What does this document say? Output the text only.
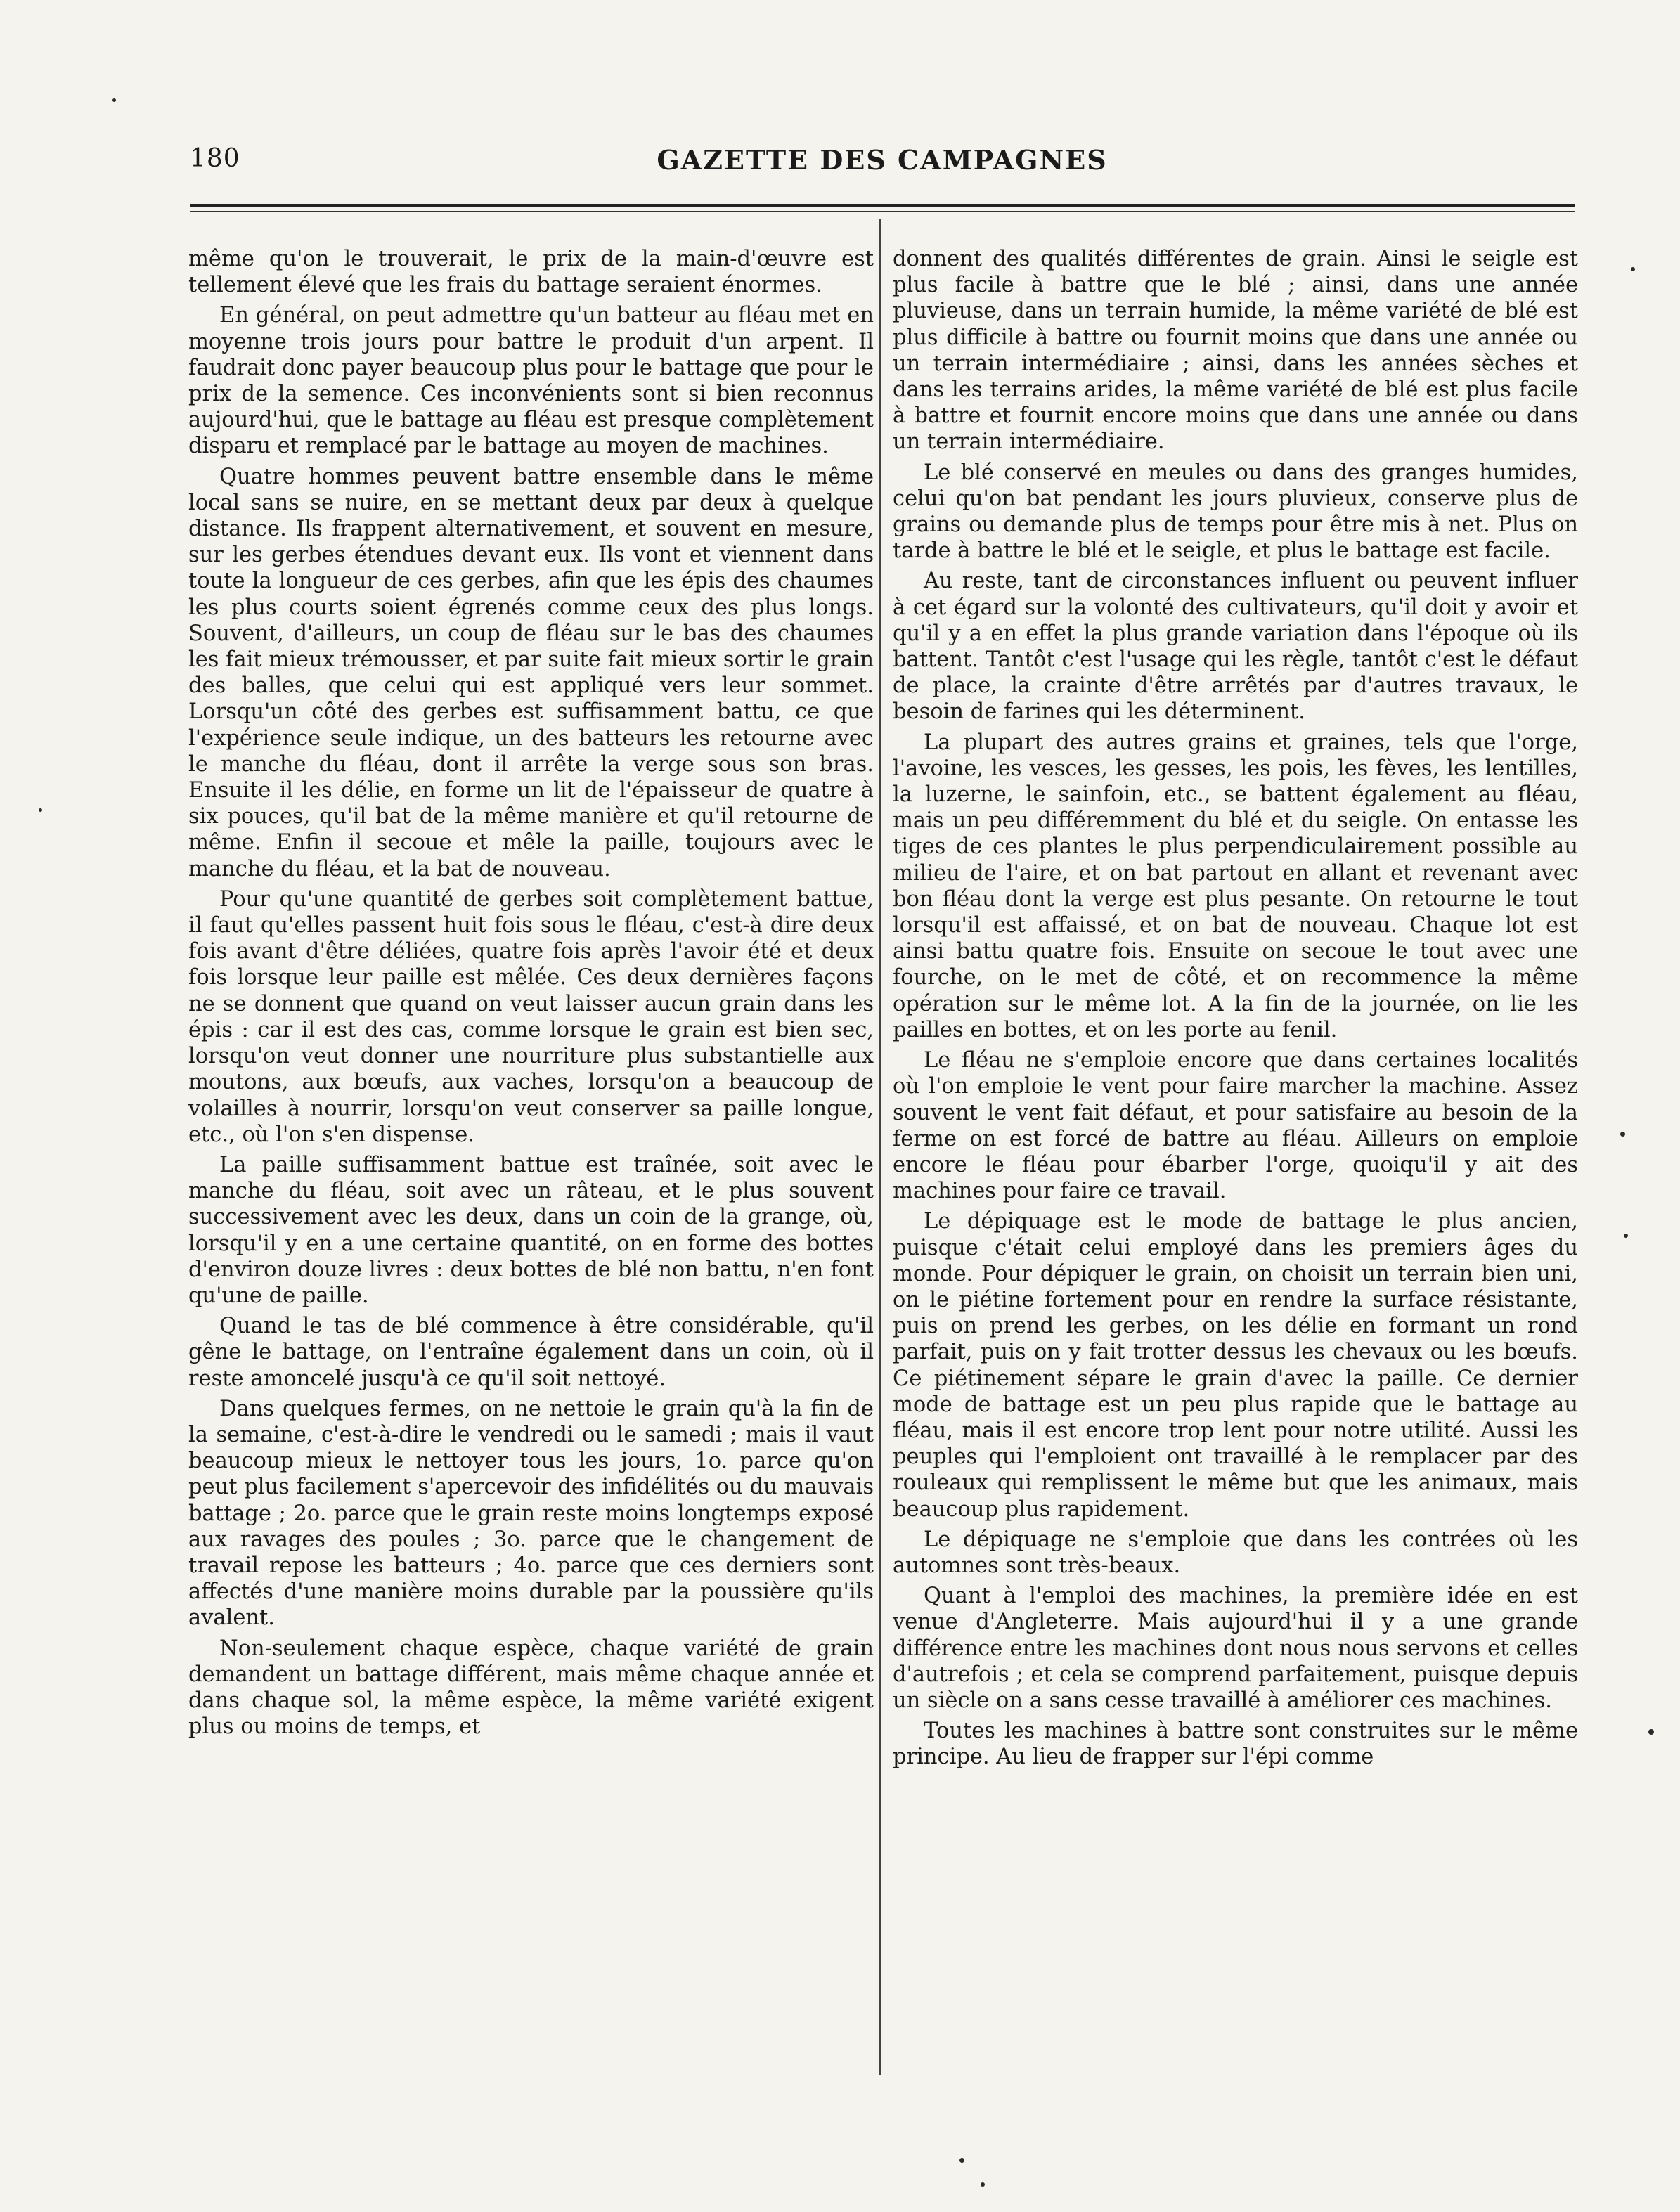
180	GAZETTE DES CAMPAGNES

même qu'on le trouverait, le prix de la main-d'œuvre est tellement élevé que les frais du battage seraient énormes.

En général, on peut admettre qu'un batteur au fléau met en moyenne trois jours pour battre le produit d'un arpent. Il faudrait donc payer beaucoup plus pour le battage que pour le prix de la semence. Ces inconvénients sont si bien reconnus aujourd'hui, que le battage au fléau est presque complètement disparu et remplacé par le battage au moyen de machines.

Quatre hommes peuvent battre ensemble dans le même local sans se nuire, en se mettant deux par deux à quelque distance. Ils frappent alternativement, et souvent en mesure, sur les gerbes étendues devant eux. Ils vont et viennent dans toute la longueur de ces gerbes, afin que les épis des chaumes les plus courts soient égrenés comme ceux des plus longs. Souvent, d'ailleurs, un coup de fléau sur le bas des chaumes les fait mieux trémousser, et par suite fait mieux sortir le grain des balles, que celui qui est appliqué vers leur sommet. Lorsqu'un côté des gerbes est suffisamment battu, ce que l'expérience seule indique, un des batteurs les retourne avec le manche du fléau, dont il arrête la verge sous son bras. Ensuite il les délie, en forme un lit de l'épaisseur de quatre à six pouces, qu'il bat de la même manière et qu'il retourne de même. Enfin il secoue et mêle la paille, toujours avec le manche du fléau, et la bat de nouveau.

Pour qu'une quantité de gerbes soit complètement battue, il faut qu'elles passent huit fois sous le fléau, c'est-à dire deux fois avant d'être déliées, quatre fois après l'avoir été et deux fois lorsque leur paille est mêlée. Ces deux dernières façons ne se donnent que quand on veut laisser aucun grain dans les épis : car il est des cas, comme lorsque le grain est bien sec, lorsqu'on veut donner une nourriture plus substantielle aux moutons, aux bœufs, aux vaches, lorsqu'on a beaucoup de volailles à nourrir, lorsqu'on veut conserver sa paille longue, etc., où l'on s'en dispense.

La paille suffisamment battue est traînée, soit avec le manche du fléau, soit avec un râteau, et le plus souvent successivement avec les deux, dans un coin de la grange, où, lorsqu'il y en a une certaine quantité, on en forme des bottes d'environ douze livres : deux bottes de blé non battu, n'en font qu'une de paille.

Quand le tas de blé commence à être considérable, qu'il gêne le battage, on l'entraîne également dans un coin, où il reste amoncelé jusqu'à ce qu'il soit nettoyé.

Dans quelques fermes, on ne nettoie le grain qu'à la fin de la semaine, c'est-à-dire le vendredi ou le samedi ; mais il vaut beaucoup mieux le nettoyer tous les jours, 1o. parce qu'on peut plus facilement s'apercevoir des infidélités ou du mauvais battage ; 2o. parce que le grain reste moins longtemps exposé aux ravages des poules ; 3o. parce que le changement de travail repose les batteurs ; 4o. parce que ces derniers sont affectés d'une manière moins durable par la poussière qu'ils avalent.

Non-seulement chaque espèce, chaque variété de grain demandent un battage différent, mais même chaque année et dans chaque sol, la même espèce, la même variété exigent plus ou moins de temps, et

donnent des qualités différentes de grain. Ainsi le seigle est plus facile à battre que le blé ; ainsi, dans une année pluvieuse, dans un terrain humide, la même variété de blé est plus difficile à battre ou fournit moins que dans une année ou un terrain intermédiaire ; ainsi, dans les années sèches et dans les terrains arides, la même variété de blé est plus facile à battre et fournit encore moins que dans une année ou dans un terrain intermédiaire.

Le blé conservé en meules ou dans des granges humides, celui qu'on bat pendant les jours pluvieux, conserve plus de grains ou demande plus de temps pour être mis à net. Plus on tarde à battre le blé et le seigle, et plus le battage est facile.

Au reste, tant de circonstances influent ou peuvent influer à cet égard sur la volonté des cultivateurs, qu'il doit y avoir et qu'il y a en effet la plus grande variation dans l'époque où ils battent. Tantôt c'est l'usage qui les règle, tantôt c'est le défaut de place, la crainte d'être arrêtés par d'autres travaux, le besoin de farines qui les déterminent.

La plupart des autres grains et graines, tels que l'orge, l'avoine, les vesces, les gesses, les pois, les fèves, les lentilles, la luzerne, le sainfoin, etc., se battent également au fléau, mais un peu différemment du blé et du seigle. On entasse les tiges de ces plantes le plus perpendiculairement possible au milieu de l'aire, et on bat partout en allant et revenant avec bon fléau dont la verge est plus pesante. On retourne le tout lorsqu'il est affaissé, et on bat de nouveau. Chaque lot est ainsi battu quatre fois. Ensuite on secoue le tout avec une fourche, on le met de côté, et on recommence la même opération sur le même lot. A la fin de la journée, on lie les pailles en bottes, et on les porte au fenil.

Le fléau ne s'emploie encore que dans certaines localités où l'on emploie le vent pour faire marcher la machine. Assez souvent le vent fait défaut, et pour satisfaire au besoin de la ferme on est forcé de battre au fléau. Ailleurs on emploie encore le fléau pour ébarber l'orge, quoiqu'il y ait des machines pour faire ce travail.

Le dépiquage est le mode de battage le plus ancien, puisque c'était celui employé dans les premiers âges du monde. Pour dépiquer le grain, on choisit un terrain bien uni, on le piétine fortement pour en rendre la surface résistante, puis on prend les gerbes, on les délie en formant un rond parfait, puis on y fait trotter dessus les chevaux ou les bœufs. Ce piétinement sépare le grain d'avec la paille. Ce dernier mode de battage est un peu plus rapide que le battage au fléau, mais il est encore trop lent pour notre utilité. Aussi les peuples qui l'emploient ont travaillé à le remplacer par des rouleaux qui remplissent le même but que les animaux, mais beaucoup plus rapidement.

Le dépiquage ne s'emploie que dans les contrées où les automnes sont très-beaux.

Quant à l'emploi des machines, la première idée en est venue d'Angleterre. Mais aujourd'hui il y a une grande différence entre les machines dont nous nous servons et celles d'autrefois ; et cela se comprend parfaitement, puisque depuis un siècle on a sans cesse travaillé à améliorer ces machines.

Toutes les machines à battre sont construites sur le même principe. Au lieu de frapper sur l'épi comme
